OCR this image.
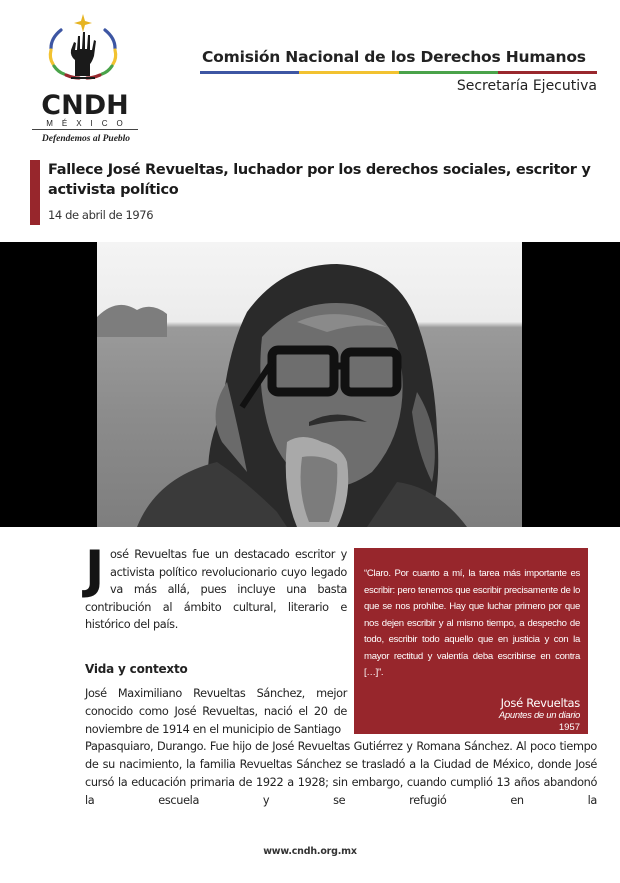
CNDH
MÉXICO
Defendemos al Pueblo
Comisión Nacional de los Derechos Humanos
Secretaría Ejecutiva
Fallece José Revueltas, luchador por los derechos sociales, escritor y activista político
14 de abril de 1976
José Revueltas fue un destacado escritor y activista político revolucionario cuyo legado va más allá, pues incluye una basta contribución al ámbito cultural, literario e histórico del país.
“Claro. Por cuanto a mí, la tarea más importante es escribir: pero tenemos que escribir precisamente de lo que se nos prohíbe. Hay que luchar primero por que nos dejen escribir y al mismo tiempo, a despecho de todo, escribir todo aquello que en justicia y con la mayor rectitud y valentía deba escribirse en contra […]”.
José Revueltas
Apuntes de un diario
1957
Vida y contexto

José Maximiliano Revueltas Sánchez, mejor conocido como José Revueltas, nació el 20 de noviembre de 1914 en el municipio de Santiago

Papasquiaro, Durango. Fue hijo de José Revueltas Gutiérrez y Romana Sánchez. Al poco tiempo de su nacimiento, la familia Revueltas Sánchez se trasladó a la Ciudad de México, donde José cursó la educación primaria de 1922 a 1928; sin embargo, cuando cumplió 13 años abandonó la escuela y se refugió en la

www.cndh.org.mx
